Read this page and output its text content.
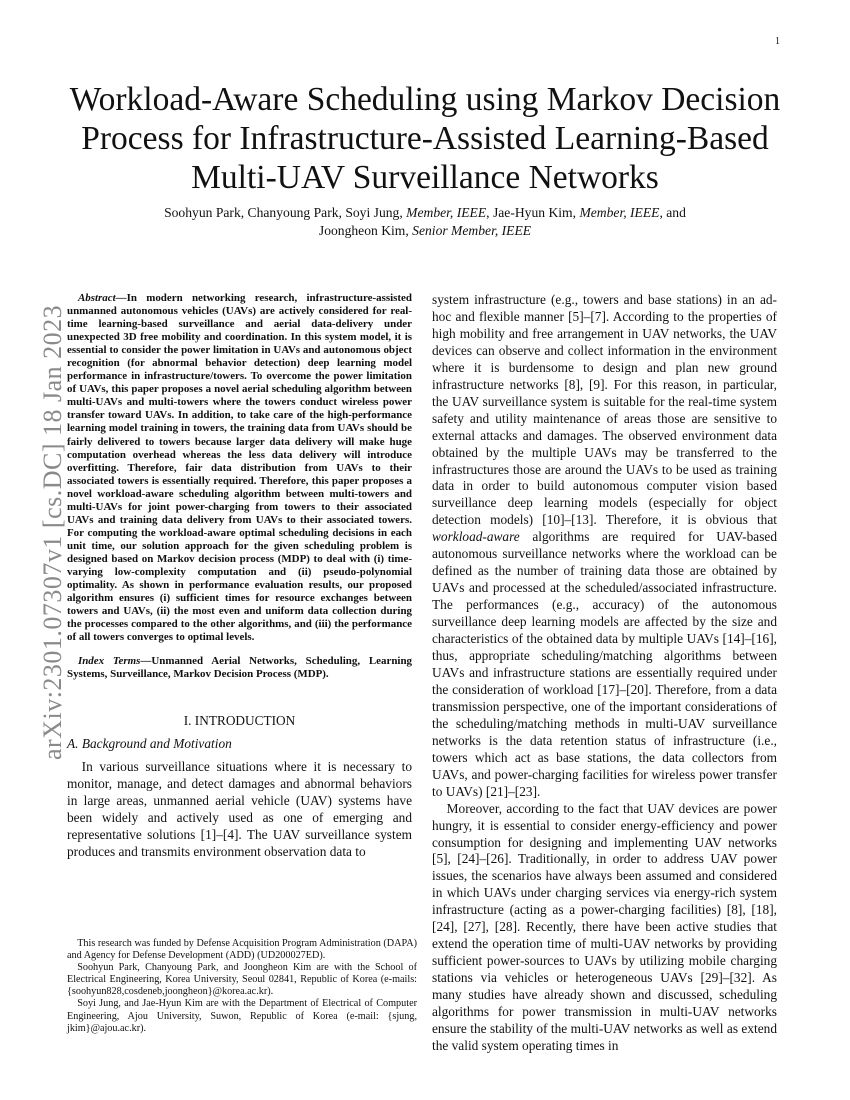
1
arXiv:2301.07307v1 [cs.DC] 18 Jan 2023
Workload-Aware Scheduling using Markov Decision Process for Infrastructure-Assisted Learning-Based Multi-UAV Surveillance Networks
Soohyun Park, Chanyoung Park, Soyi Jung, Member, IEEE, Jae-Hyun Kim, Member, IEEE, and
Joongheon Kim, Senior Member, IEEE

Abstract—In modern networking research, infrastructure-assisted unmanned autonomous vehicles (UAVs) are actively considered for real-time learning-based surveillance and aerial data-delivery under unexpected 3D free mobility and coordination. In this system model, it is essential to consider the power limitation in UAVs and autonomous object recognition (for abnormal behavior detection) deep learning model performance in infrastructure/towers. To overcome the power limitation of UAVs, this paper proposes a novel aerial scheduling algorithm between multi-UAVs and multi-towers where the towers conduct wireless power transfer toward UAVs. In addition, to take care of the high-performance learning model training in towers, the training data from UAVs should be fairly delivered to towers because larger data delivery will make huge computation overhead whereas the less data delivery will introduce overfitting. Therefore, fair data distribution from UAVs to their associated towers is essentially required. Therefore, this paper proposes a novel workload-aware scheduling algorithm between multi-towers and multi-UAVs for joint power-charging from towers to their associated UAVs and training data delivery from UAVs to their associated towers. For computing the workload-aware optimal scheduling decisions in each unit time, our solution approach for the given scheduling problem is designed based on Markov decision process (MDP) to deal with (i) time-varying low-complexity computation and (ii) pseudo-polynomial optimality. As shown in performance evaluation results, our proposed algorithm ensures (i) sufficient times for resource exchanges between towers and UAVs, (ii) the most even and uniform data collection during the processes compared to the other algorithms, and (iii) the performance of all towers converges to optimal levels.

Index Terms—Unmanned Aerial Networks, Scheduling, Learning Systems, Surveillance, Markov Decision Process (MDP).

I. INTRODUCTION
A. Background and Motivation

In various surveillance situations where it is necessary to monitor, manage, and detect damages and abnormal behaviors in large areas, unmanned aerial vehicle (UAV) systems have been widely and actively used as one of emerging and representative solutions [1]–[4]. The UAV surveillance system produces and transmits environment observation data to

This research was funded by Defense Acquisition Program Administration (DAPA) and Agency for Defense Development (ADD) (UD200027ED).

Soohyun Park, Chanyoung Park, and Joongheon Kim are with the School of Electrical Engineering, Korea University, Seoul 02841, Republic of Korea (e-mails: {soohyun828,cosdeneb,joongheon}@korea.ac.kr).

Soyi Jung, and Jae-Hyun Kim are with the Department of Electrical of Computer Engineering, Ajou University, Suwon, Republic of Korea (e-mail: {sjung, jkim}@ajou.ac.kr).

system infrastructure (e.g., towers and base stations) in an ad-hoc and flexible manner [5]–[7]. According to the properties of high mobility and free arrangement in UAV networks, the UAV devices can observe and collect information in the environment where it is burdensome to design and plan new ground infrastructure networks [8], [9]. For this reason, in particular, the UAV surveillance system is suitable for the real-time system safety and utility maintenance of areas those are sensitive to external attacks and damages. The observed environment data obtained by the multiple UAVs may be transferred to the infrastructures those are around the UAVs to be used as training data in order to build autonomous computer vision based surveillance deep learning models (especially for object detection models) [10]–[13]. Therefore, it is obvious that workload-aware algorithms are required for UAV-based autonomous surveillance networks where the workload can be defined as the number of training data those are obtained by UAVs and processed at the scheduled/associated infrastructure. The performances (e.g., accuracy) of the autonomous surveillance deep learning models are affected by the size and characteristics of the obtained data by multiple UAVs [14]–[16], thus, appropriate scheduling/matching algorithms between UAVs and infrastructure stations are essentially required under the consideration of workload [17]–[20]. Therefore, from a data transmission perspective, one of the important considerations of the scheduling/matching methods in multi-UAV surveillance networks is the data retention status of infrastructure (i.e., towers which act as base stations, the data collectors from UAVs, and power-charging facilities for wireless power transfer to UAVs) [21]–[23].

Moreover, according to the fact that UAV devices are power hungry, it is essential to consider energy-efficiency and power consumption for designing and implementing UAV networks [5], [24]–[26]. Traditionally, in order to address UAV power issues, the scenarios have always been assumed and considered in which UAVs under charging services via energy-rich system infrastructure (acting as a power-charging facilities) [8], [18], [24], [27], [28]. Recently, there have been active studies that extend the operation time of multi-UAV networks by providing sufficient power-sources to UAVs by utilizing mobile charging stations via vehicles or heterogeneous UAVs [29]–[32]. As many studies have already shown and discussed, scheduling algorithms for power transmission in multi-UAV networks ensure the stability of the multi-UAV networks as well as extend the valid system operating times in
